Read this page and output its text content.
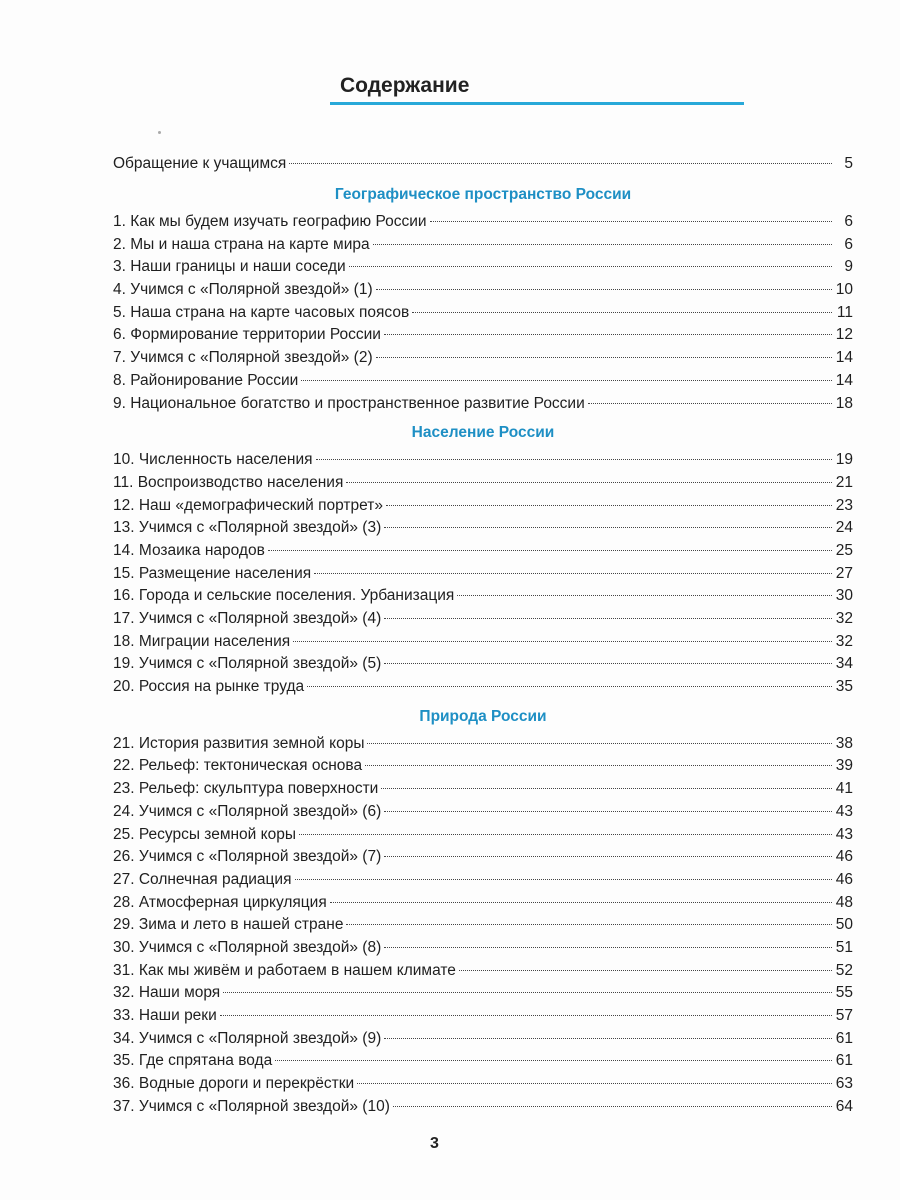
Содержание
Обращение к учащимся	5
Географическое пространство России
1. Как мы будем изучать географию России	6
2. Мы и наша страна на карте мира	6
3. Наши границы и наши соседи	9
4. Учимся с «Полярной звездой» (1)	10
5. Наша страна на карте часовых поясов	11
6. Формирование территории России	12
7. Учимся с «Полярной звездой» (2)	14
8. Районирование России	14
9. Национальное богатство и пространственное развитие России	18
Население России
10. Численность населения	19
11. Воспроизводство населения	21
12. Наш «демографический портрет»	23
13. Учимся с «Полярной звездой» (3)	24
14. Мозаика народов	25
15. Размещение населения	27
16. Города и сельские поселения. Урбанизация	30
17. Учимся с «Полярной звездой» (4)	32
18. Миграции населения	32
19. Учимся с «Полярной звездой» (5)	34
20. Россия на рынке труда	35
Природа России
21. История развития земной коры	38
22. Рельеф: тектоническая основа	39
23. Рельеф: скульптура поверхности	41
24. Учимся с «Полярной звездой» (6)	43
25. Ресурсы земной коры	43
26. Учимся с «Полярной звездой» (7)	46
27. Солнечная радиация	46
28. Атмосферная циркуляция	48
29. Зима и лето в нашей стране	50
30. Учимся с «Полярной звездой» (8)	51
31. Как мы живём и работаем в нашем климате	52
32. Наши моря	55
33. Наши реки	57
34. Учимся с «Полярной звездой» (9)	61
35. Где спрятана вода	61
36. Водные дороги и перекрёстки	63
37. Учимся с «Полярной звездой» (10)	64
3
